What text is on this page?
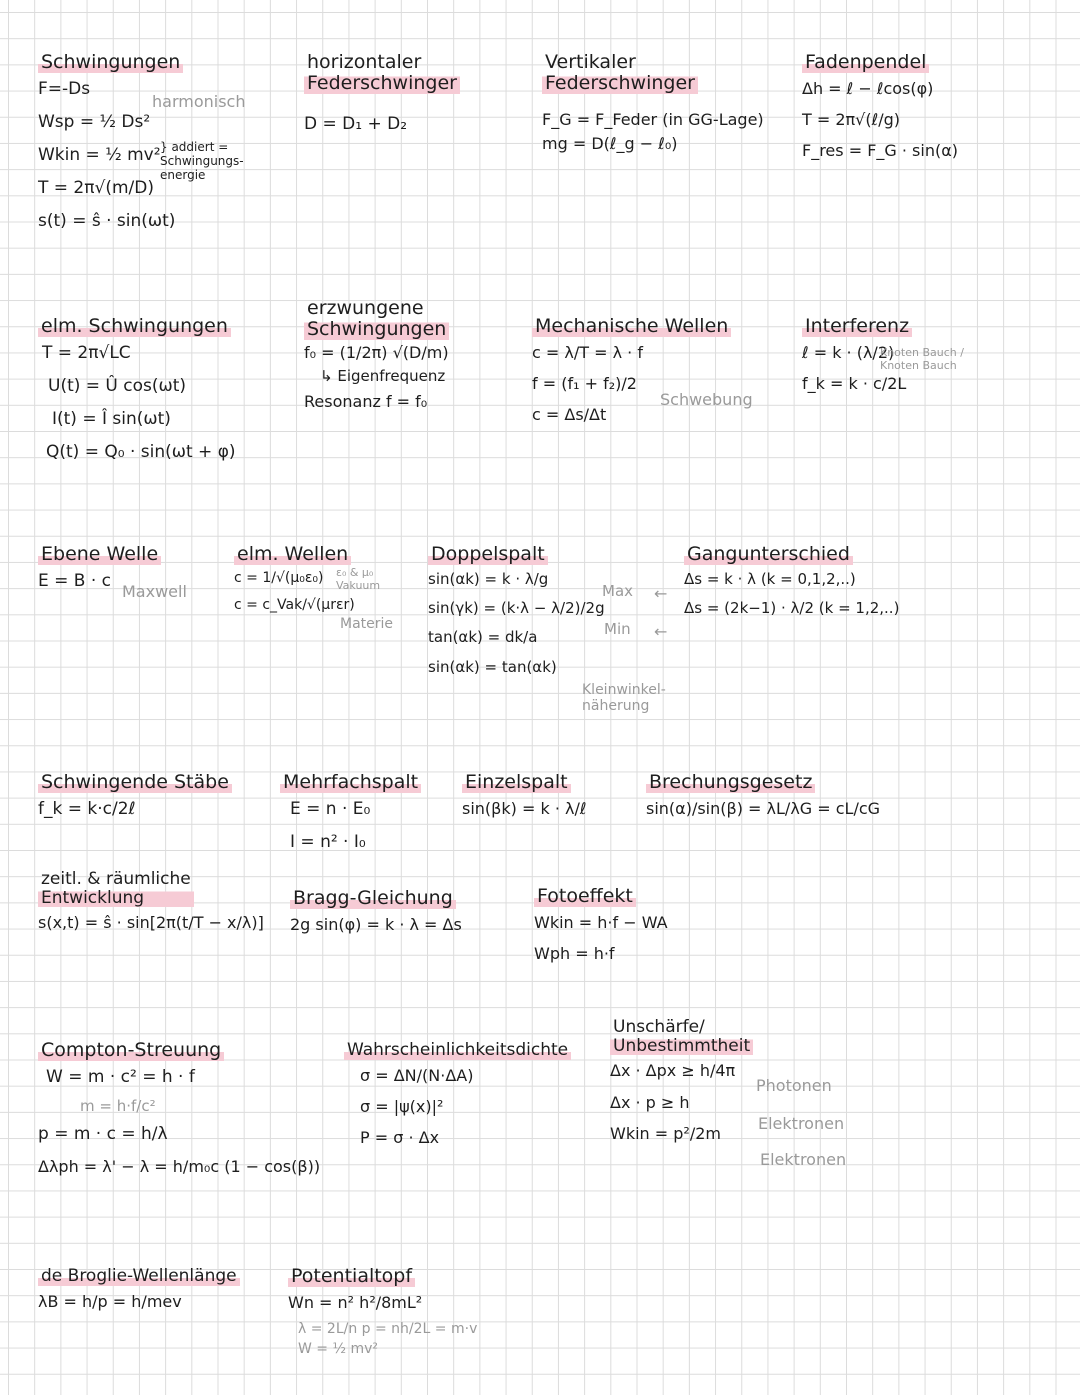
Schwingungen
F=-Ds
Wsp = ½ Ds²
Wkin = ½ mv²
T = 2π√(m/D)
s(t) = ŝ · sin(ωt)
harmonisch
} addiert = Schwingungs-energie
horizontaler
Federschwinger
D = D₁ + D₂
Vertikaler
Federschwinger
F_G = F_Feder (in GG-Lage)
mg = D(ℓ_g − ℓ₀)
Fadenpendel
Δh = ℓ − ℓcos(φ)
T = 2π√(ℓ/g)
F_res = F_G · sin(α)
elm. Schwingungen
T = 2π√LC
U(t) = Û cos(ωt)
I(t) = Î sin(ωt)
Q(t) = Q₀ · sin(ωt + φ)
erzwungene
Schwingungen
f₀ = (1/2π) √(D/m)
↳ Eigenfrequenz
Resonanz f = f₀
Mechanische Wellen
c = λ/T = λ · f
f = (f₁ + f₂)/2
c = Δs/Δt
Schwebung
Interferenz
ℓ = k · (λ/2)
f_k = k · c/2L
Knoten Bauch / Knoten Bauch
Ebene Welle
E = B · c
Maxwell
elm. Wellen
c = 1/√(μ₀ε₀)
c = c_Vak/√(μrεr)
ε₀ & μ₀ Vakuum
Materie
Doppelspalt
sin(αk) = k · λ/g
sin(γk) = (k·λ − λ/2)/2g
tan(αk) = dk/a
sin(αk) = tan(αk)
Max
Min
←
←
Kleinwinkel-näherung
Gangunterschied
Δs = k · λ (k = 0,1,2,..)
Δs = (2k−1) · λ/2 (k = 1,2,..)
Schwingende Stäbe
f_k = k·c/2ℓ
Mehrfachspalt
E = n · E₀
I = n² · I₀
Einzelspalt
sin(βk) = k · λ/ℓ
Brechungsgesetz
sin(α)/sin(β) = λL/λG = cL/cG
zeitl. & räumliche
Entwicklung
s(x,t) = ŝ · sin[2π(t/T − x/λ)]
Bragg-Gleichung
2g sin(φ) = k · λ = Δs
Fotoeffekt
Wkin = h·f − WA
Wph = h·f
Compton-Streuung
W = m · c² = h · f
m = h·f/c²
p = m · c = h/λ
Δλph = λ' − λ = h/m₀c (1 − cos(β))
Wahrscheinlichkeitsdichte
σ = ΔN/(N·ΔA)
σ = |ψ(x)|²
P = σ · Δx
Unschärfe/
Unbestimmtheit
Δx · Δpx ≥ h/4π
Δx · p ≥ h
Wkin = p²/2m
Photonen
Elektronen
Elektronen
de Broglie-Wellenlänge
λB = h/p = h/mev
Potentialtopf
Wn = n² h²/8mL²
λ = 2L/n p = nh/2L = m·v
W = ½ mv²
